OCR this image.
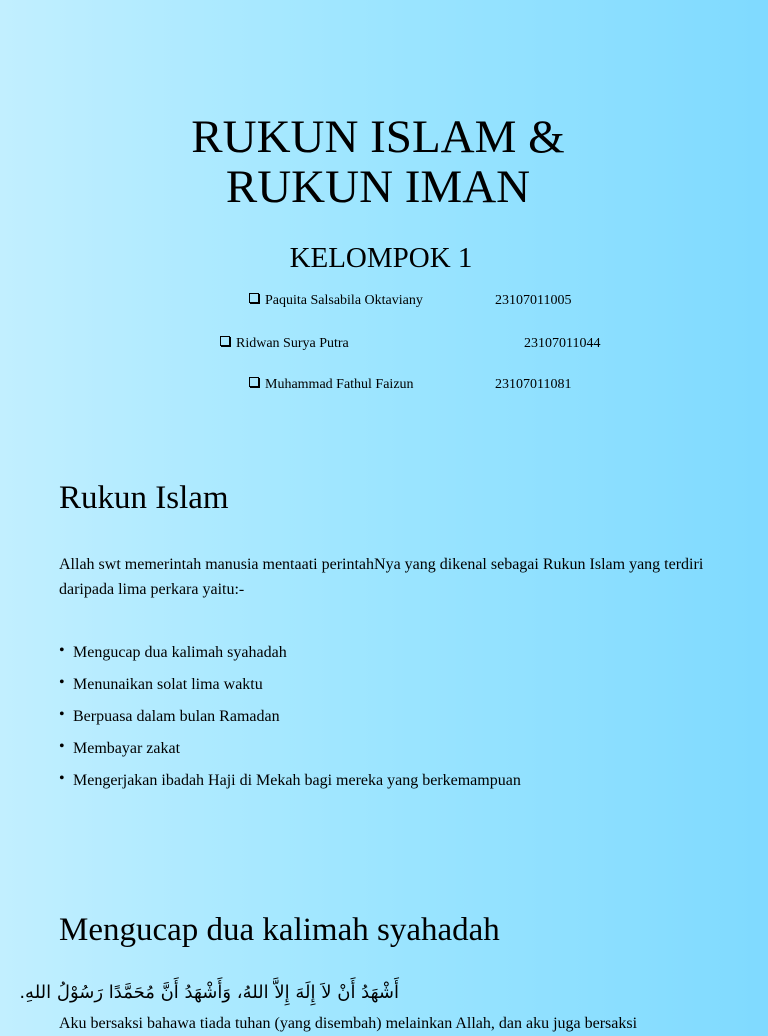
RUKUN ISLAM &
RUKUN IMAN
KELOMPOK 1
Paquita Salsabila Oktaviany	23107011005
Ridwan Surya Putra	23107011044
Muhammad Fathul Faizun	23107011081
Rukun Islam
Allah swt memerintah manusia mentaati perintahNya yang dikenal sebagai Rukun Islam yang terdiri daripada lima perkara yaitu:-
• Mengucap dua kalimah syahadah
• Menunaikan solat lima waktu
• Berpuasa dalam bulan Ramadan
• Membayar zakat
• Mengerjakan ibadah Haji di Mekah bagi mereka yang berkemampuan
Mengucap dua kalimah syahadah
أَشْهَدُ أَنْ لاَ إِلَهَ إِلاَّ اللهُ، وَأَشْهَدُ أَنَّ مُحَمَّدًا رَسُوْلُ اللهِ.
Aku bersaksi bahawa tiada tuhan (yang disembah) melainkan Allah, dan aku juga bersaksi
